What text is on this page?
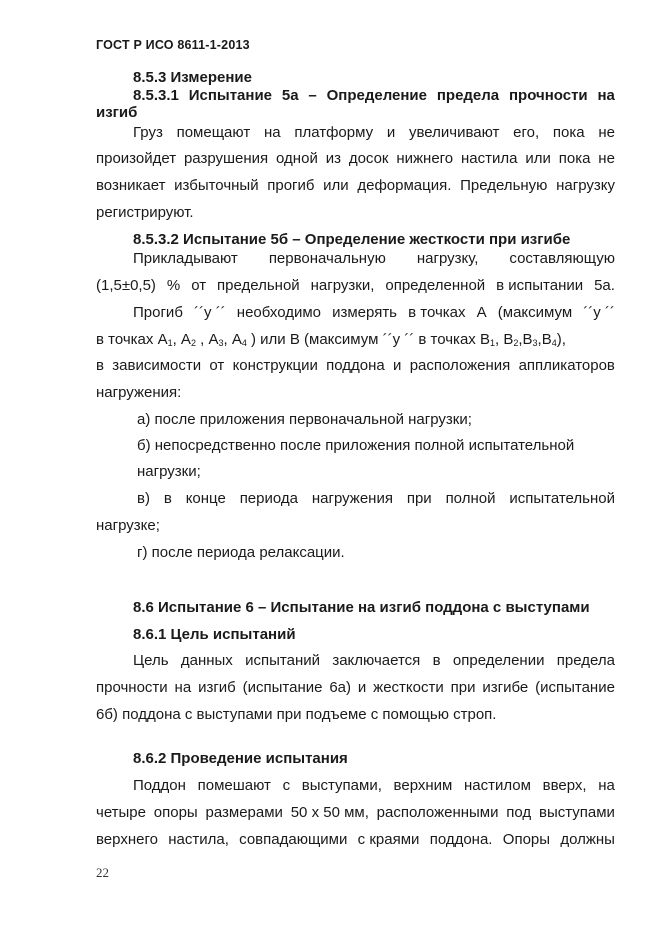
ГОСТ Р ИСО 8611-1-2013
8.5.3 Измерение
8.5.3.1 Испытание 5а – Определение предела прочности на
изгиб
Груз помещают на платформу и увеличивают его, пока не
произойдет разрушения одной из досок нижнего настила или пока не
возникает избыточный прогиб или деформация. Предельную нагрузку
регистрируют.
8.5.3.2 Испытание 5б – Определение жесткости при изгибе
Прикладывают первоначальную нагрузку, составляющую
(1,5±0,5) % от предельной нагрузки, определенной в испытании 5а.
Прогиб ´´y ´´ необходимо измерять в точках А (максимум ´´y ´´
в точках $А_1$, $А_2$ , $А_3$, $А_4$ ) или В (максимум ´´y ´´ в точках $В_1$, $В_2,В_3,В_4$),
в зависимости от конструкции поддона и расположения аппликаторов
нагружения:
а) после приложения первоначальной нагрузки;
б) непосредственно после приложения полной испытательной
нагрузки;
в) в конце периода нагружения при полной испытательной
нагрузке;
г) после периода релаксации.
8.6 Испытание 6 – Испытание на изгиб поддона с выступами
8.6.1 Цель испытаний
Цель данных испытаний заключается в определении предела
прочности на изгиб (испытание 6а) и жесткости при изгибе (испытание
6б) поддона с выступами при подъеме с помощью строп.
8.6.2 Проведение испытания
Поддон помешают с выступами, верхним настилом вверх, на
четыре опоры размерами 50 х 50 мм, расположенными под выступами
верхнего настила, совпадающими с краями поддона. Опоры должны
22
